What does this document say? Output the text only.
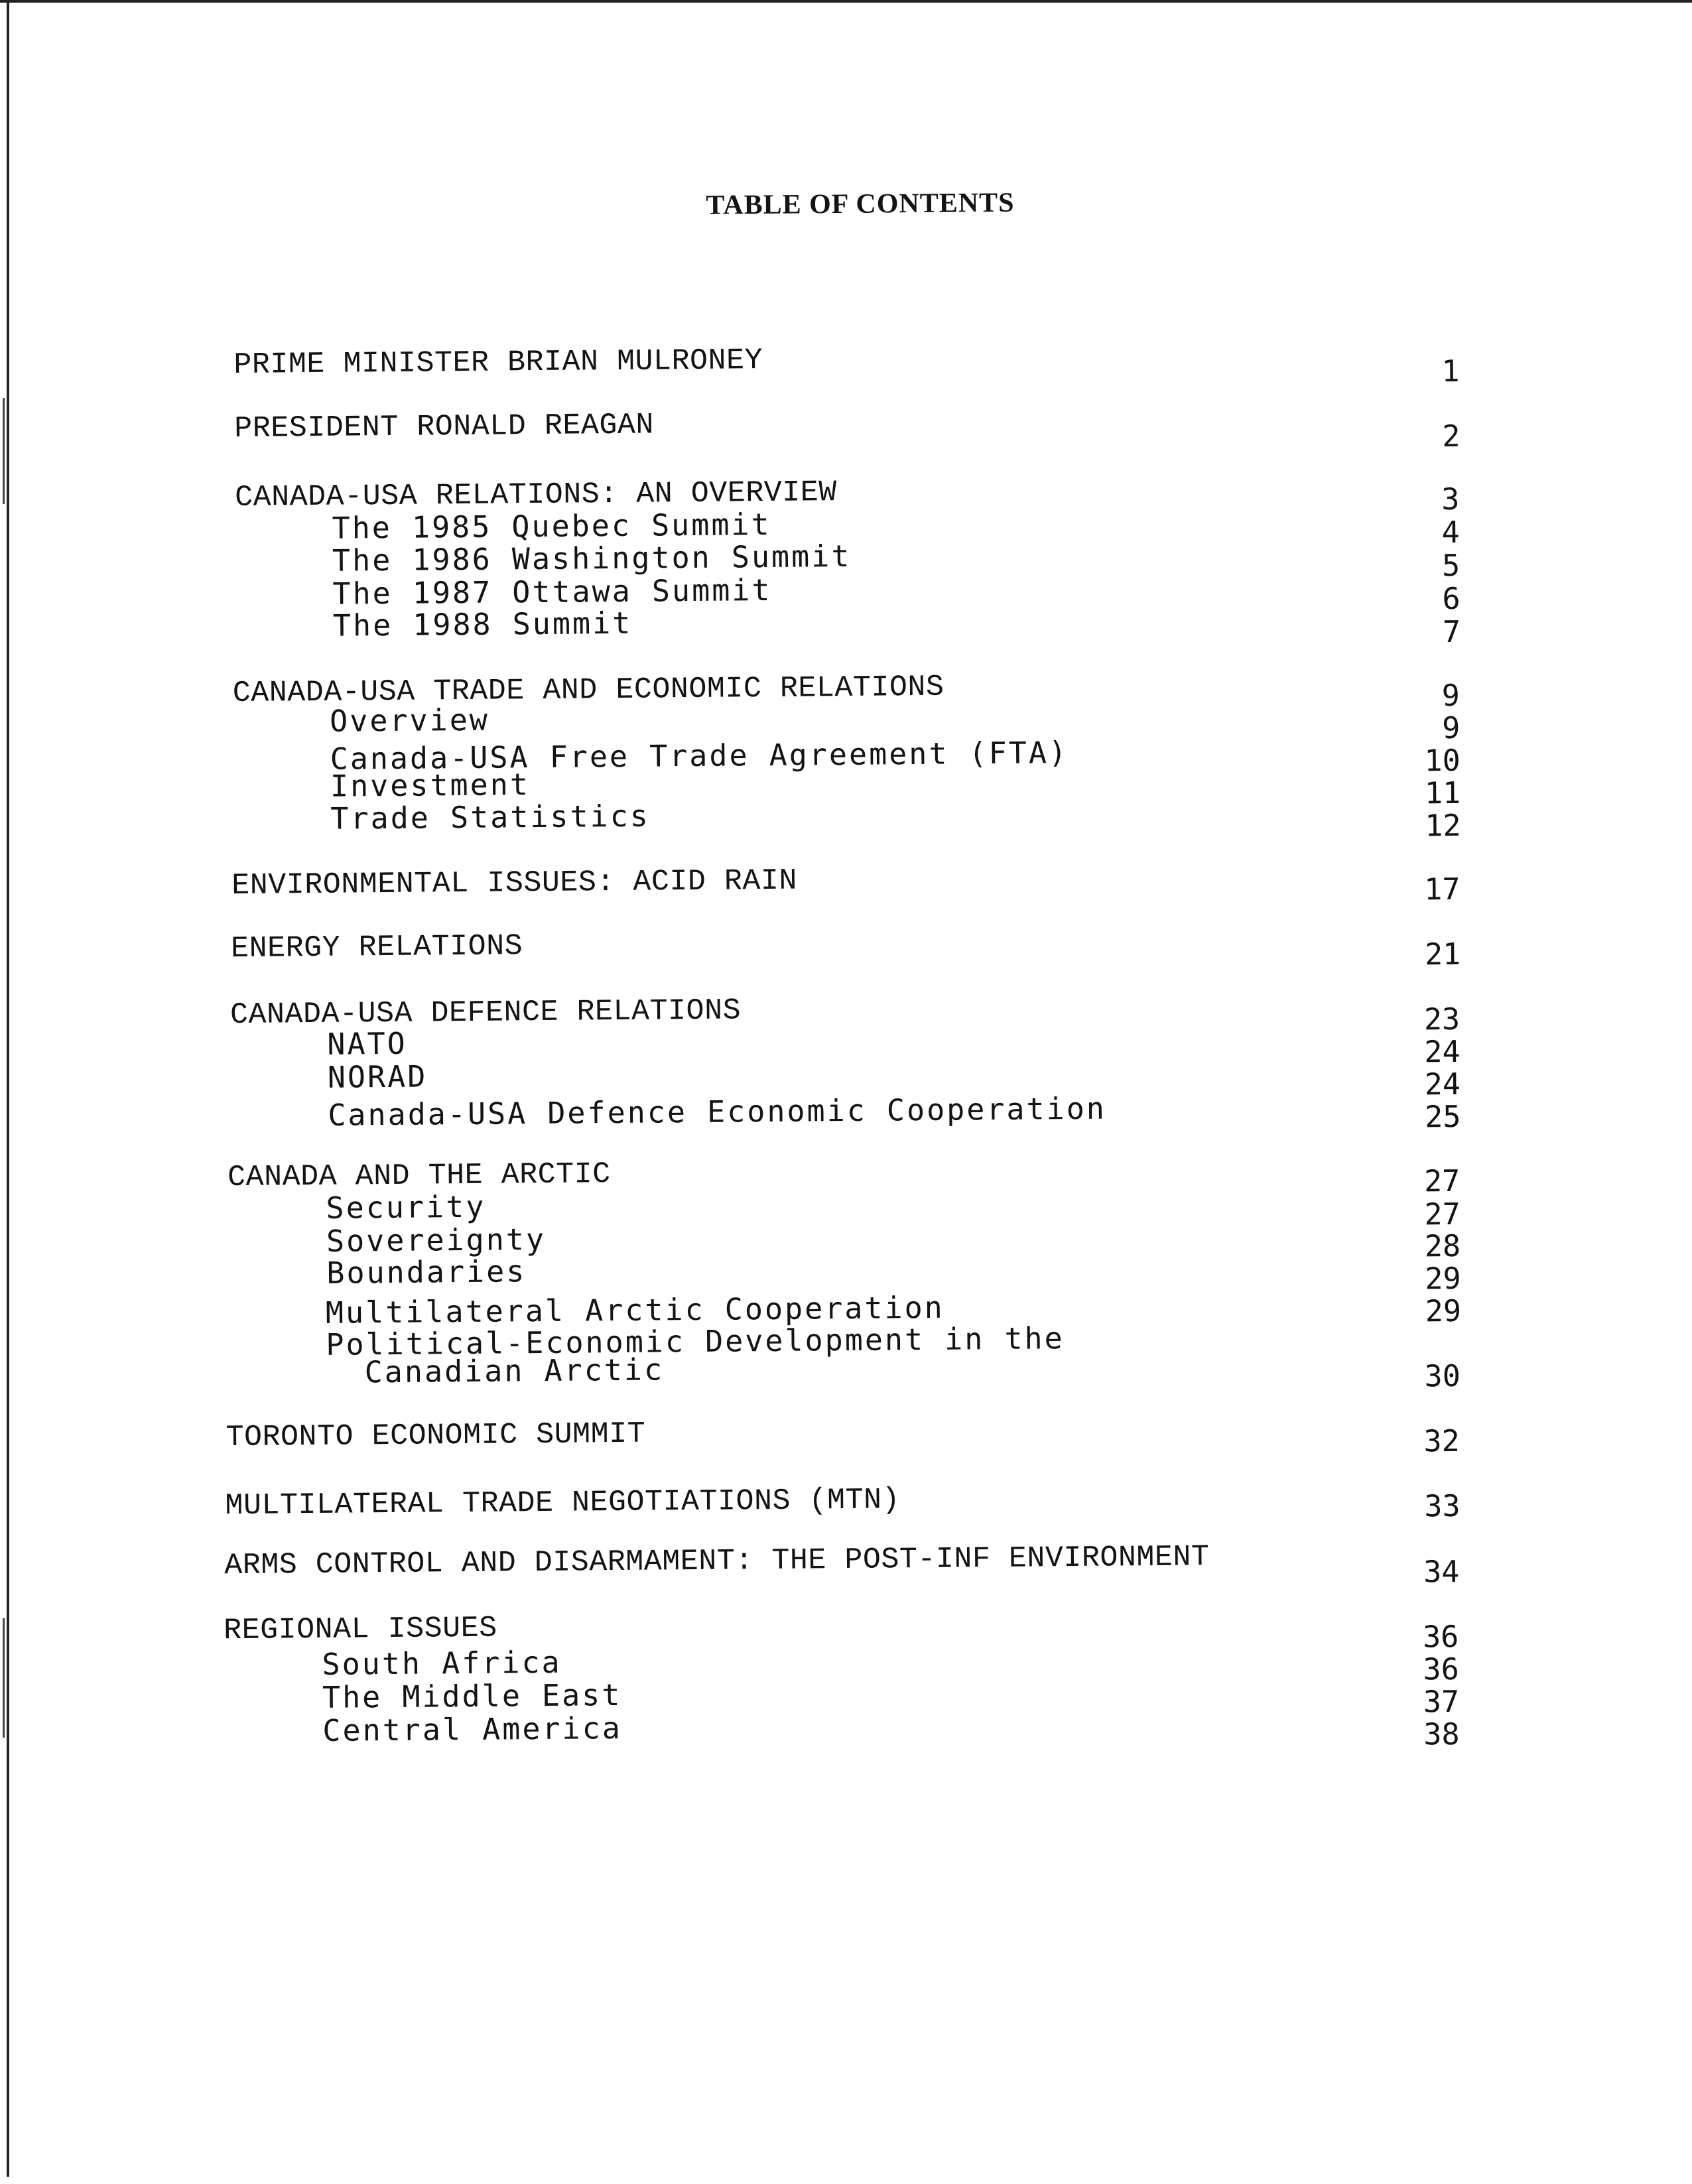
TABLE OF CONTENTS
PRIME MINISTER BRIAN MULRONEY
PRESIDENT RONALD REAGAN
CANADA-USA RELATIONS: AN OVERVIEW
The 1985 Quebec Summit
The 1986 Washington Summit
The 1987 Ottawa Summit
The 1988 Summit
CANADA-USA TRADE AND ECONOMIC RELATIONS
Overview
Canada-USA Free Trade Agreement (FTA)
Investment
Trade Statistics
ENVIRONMENTAL ISSUES: ACID RAIN
ENERGY RELATIONS
CANADA-USA DEFENCE RELATIONS
NATO
NORAD
Canada-USA Defence Economic Cooperation
CANADA AND THE ARCTIC
Security
Sovereignty
Boundaries
Multilateral Arctic Cooperation
Political-Economic Development in the
Canadian Arctic
TORONTO ECONOMIC SUMMIT
MULTILATERAL TRADE NEGOTIATIONS (MTN)
ARMS CONTROL AND DISARMAMENT: THE POST-INF ENVIRONMENT
REGIONAL ISSUES
South Africa
The Middle East
Central America
1
2
3
4
5
6
7
9
9
10
11
12
17
21
23
24
24
25
27
27
28
29
29
30
32
33
34
36
36
37
38
